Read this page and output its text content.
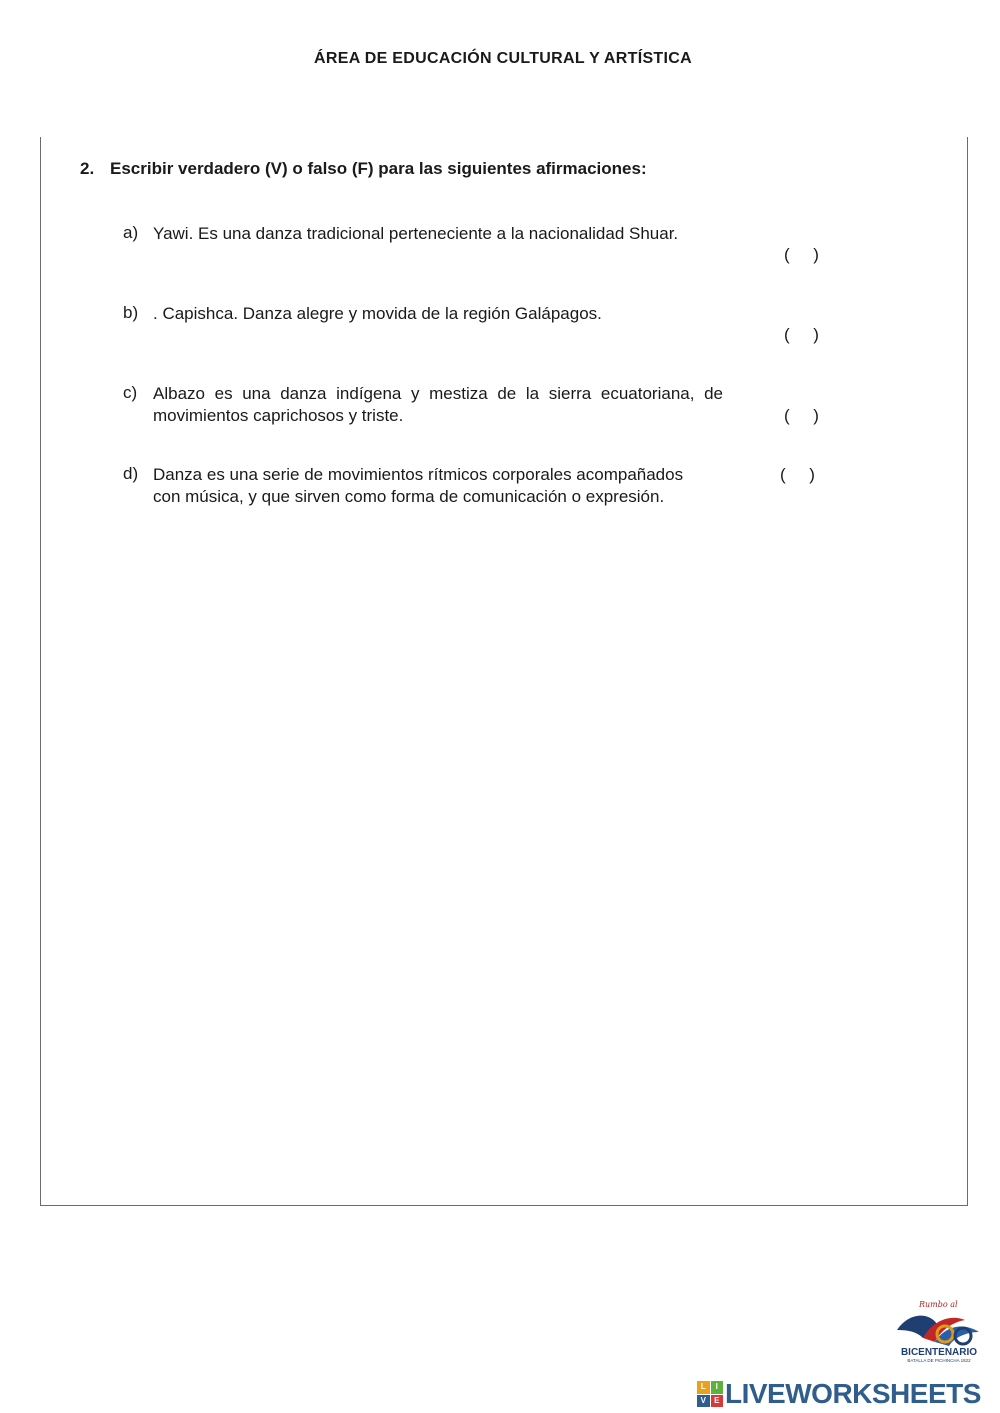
ÁREA DE EDUCACIÓN CULTURAL Y ARTÍSTICA
2. Escribir verdadero (V) o falso (F) para las siguientes afirmaciones:
a) Yawi. Es una danza tradicional perteneciente a la nacionalidad Shuar.
(     )
b) . Capishca. Danza alegre y movida de la región Galápagos.
(     )
c) Albazo es una danza indígena y mestiza de la sierra ecuatoriana, de
movimientos caprichosos y triste.	(     )
d) Danza es una serie de movimientos rítmicos corporales acompañados
con música, y que sirven como forma de comunicación o expresión.
(     )
Rumbo al
BICENTENARIO
BATALLA DE PICHINCHA 1822
L	I
V	E LIVEWORKSHEETS
